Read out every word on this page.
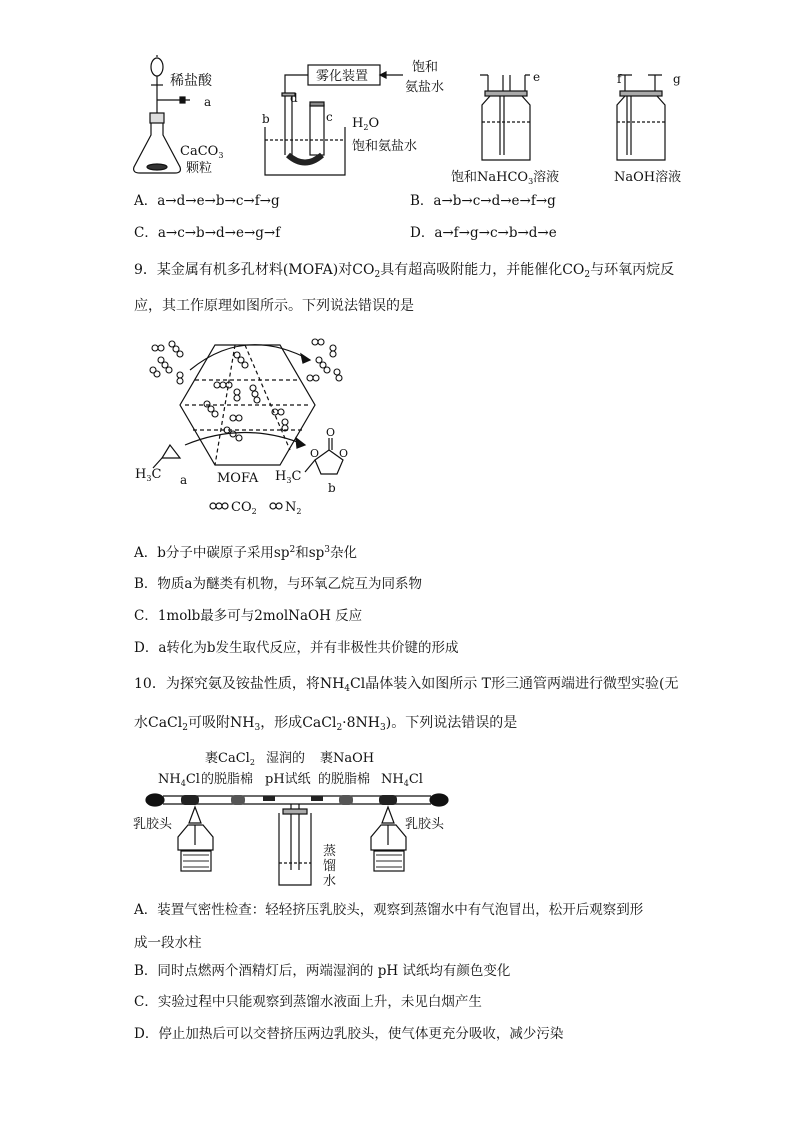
稀盐酸
a
CaCO$_3$
颗粒
雾化装置
饱和
氨盐水
b	c
d
$H_2O$
饱和氨盐水
e
饱和NaHCO$_3$溶液
f	g
NaOH溶液
A．a→d→e→b→c→f→g	B．a→b→c→d→e→f→g
C．a→c→b→d→e→g→f	D．a→f→g→c→b→d→e
9．某金属有机多孔材料(MOFA)对$CO_2$具有超高吸附能力，并能催化$CO_2$与环氧丙烷反
应，其工作原理如图所示。下列说法错误的是
$H_3C$ a MOFA
O
O
O
$H_3C$
b
$CO_2$ $N_2$
A．b分子中碳原子采用$sp^2$和$sp^3$杂化
B．物质a为醚类有机物，与环氧乙烷互为同系物
C．1molb最多可与2molNaOH 反应
D．a转化为b发生取代反应，并有非极性共价键的形成
10．为探究氨及铵盐性质，将$NH_4Cl$晶体装入如图所示 T形三通管两端进行微型实验(无
水CaCl$_2$可吸附$NH_3$，形成$CaCl_2\cdot 8NH_3$)。下列说法错误的是
$NH_4Cl$
裹CaCl$_2$
的脱脂棉
湿润的
pH试纸
裹NaOH
的脱脂棉 $NH_4Cl$
乳胶头	乳胶头
蒸
馏
水
A．装置气密性检查：轻轻挤压乳胶头，观察到蒸馏水中有气泡冒出，松开后观察到形
成一段水柱
B．同时点燃两个酒精灯后，两端湿润的 pH 试纸均有颜色变化
C．实验过程中只能观察到蒸馏水液面上升，未见白烟产生
D．停止加热后可以交替挤压两边乳胶头，使气体更充分吸收，减少污染
